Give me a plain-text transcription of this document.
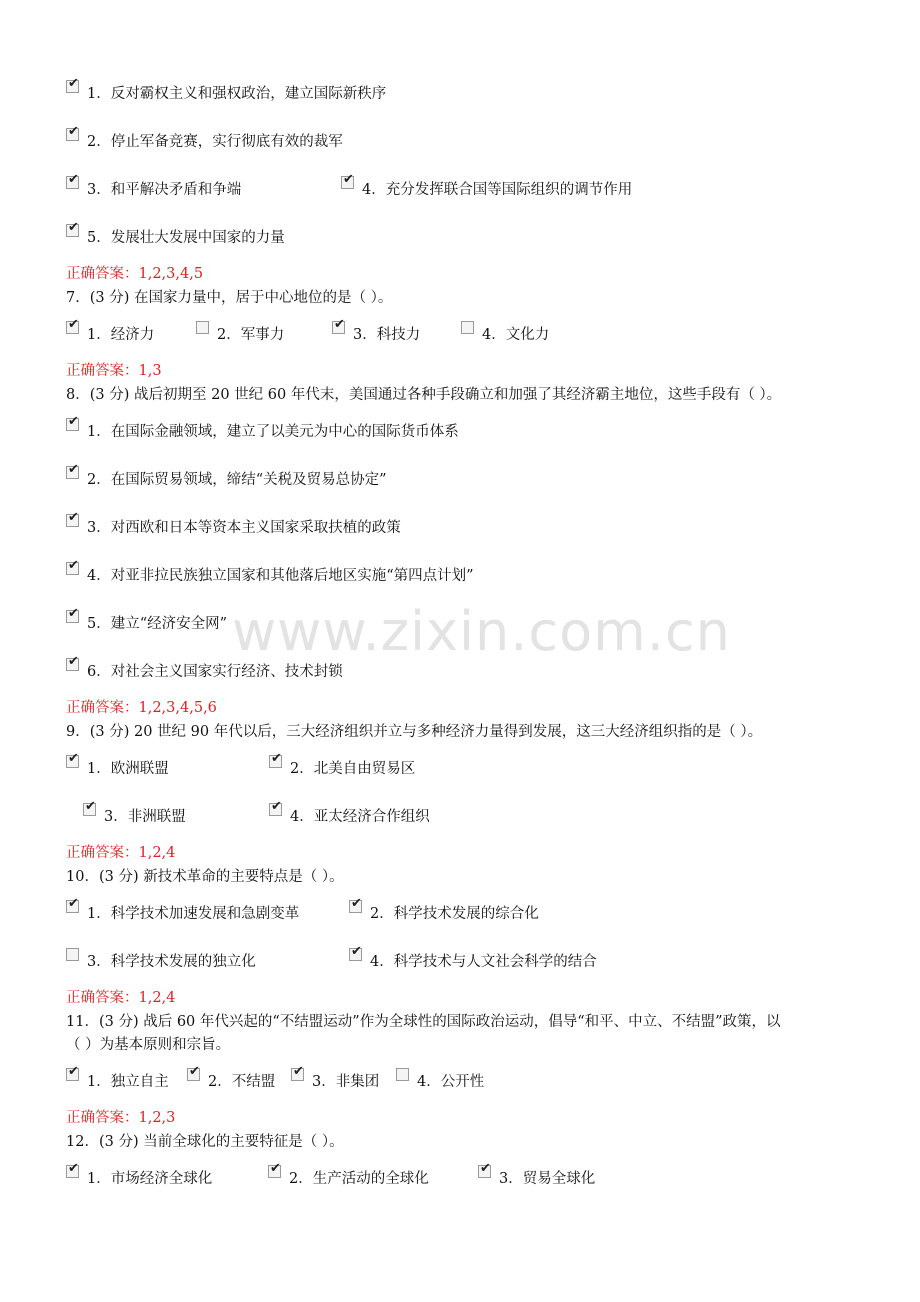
www.zixin.com.cn
✔
1．反对霸权主义和强权政治，建立国际新秩序
✔
2．停止军备竞赛，实行彻底有效的裁军
✔
3．和平解决矛盾和争端
✔
4．充分发挥联合国等国际组织的调节作用
✔
5．发展壮大发展中国家的力量
正确答案：1,2,3,4,5
7．(3 分) 在国家力量中，居于中心地位的是（ ）。
✔
1．经济力	2．军事力
✔
3．科技力	4．文化力
正确答案：1,3
8．(3 分) 战后初期至 20 世纪 60 年代末，美国通过各种手段确立和加强了其经济霸主地位，这些手段有（ ）。
✔
1．在国际金融领域，建立了以美元为中心的国际货币体系
✔
2．在国际贸易领域，缔结“关税及贸易总协定”
✔
3．对西欧和日本等资本主义国家采取扶植的政策
✔
4．对亚非拉民族独立国家和其他落后地区实施“第四点计划”
✔
5．建立“经济安全网”
✔
6．对社会主义国家实行经济、技术封锁
正确答案：1,2,3,4,5,6
9．(3 分) 20 世纪 90 年代以后，三大经济组织并立与多种经济力量得到发展，这三大经济组织指的是（ ）。
✔
1．欧洲联盟
✔
2．北美自由贸易区
✔
3．非洲联盟
✔
4．亚太经济合作组织
正确答案：1,2,4
10．(3 分) 新技术革命的主要特点是（ ）。
✔
1．科学技术加速发展和急剧变革
✔
2．科学技术发展的综合化
3．科学技术发展的独立化
✔
4．科学技术与人文社会科学的结合
正确答案：1,2,4
11．(3 分) 战后 60 年代兴起的“不结盟运动”作为全球性的国际政治运动，倡导“和平、中立、不结盟”政策，以
（ ）为基本原则和宗旨。
✔
1．独立自主
✔
2．不结盟
✔
3．非集团	4．公开性
正确答案：1,2,3
12．(3 分) 当前全球化的主要特征是（ ）。
✔
1．市场经济全球化
✔
2．生产活动的全球化
✔
3．贸易全球化
